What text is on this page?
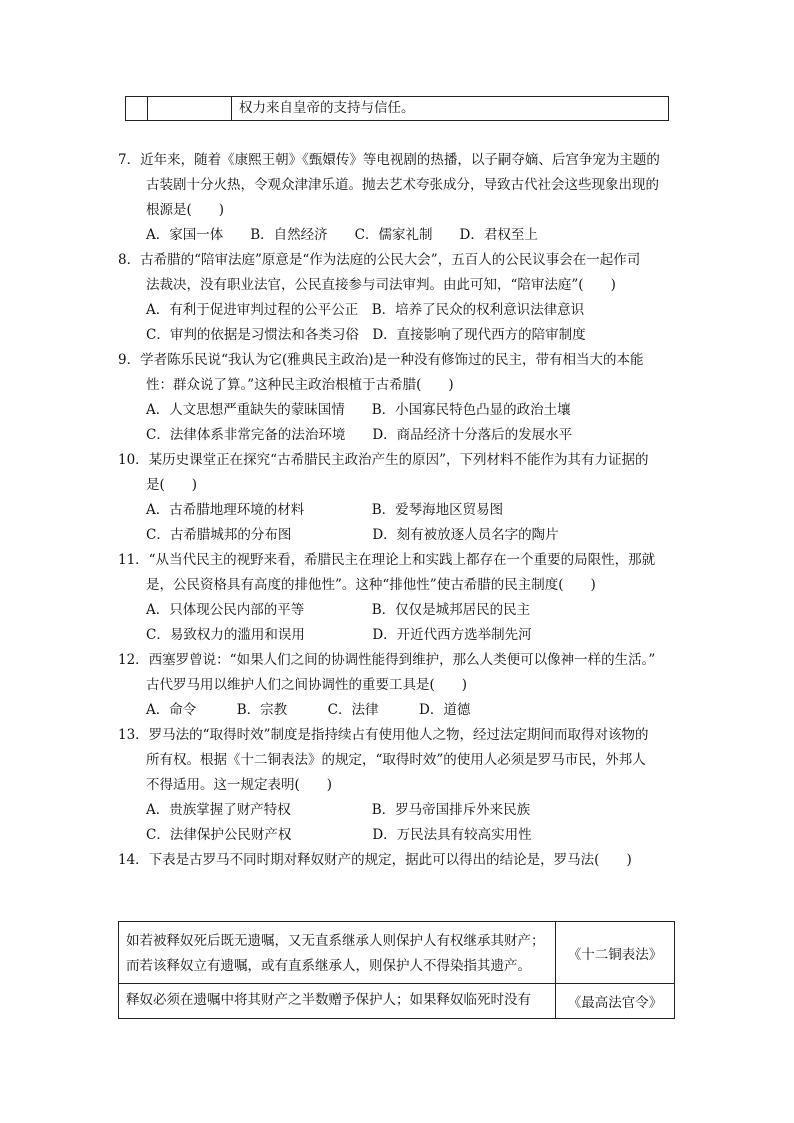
权力来自皇帝的支持与信任。
7．近年来，随着《康熙王朝》《甄嬛传》等电视剧的热播，以子嗣夺嫡、后宫争宠为主题的
古装剧十分火热，令观众津津乐道。抛去艺术夸张成分，导致古代社会这些现象出现的
根源是(　　)
A．家国一体　　B．自然经济　　C．儒家礼制　　D．君权至上
8．古希腊的“陪审法庭”原意是“作为法庭的公民大会”，五百人的公民议事会在一起作司
法裁决，没有职业法官，公民直接参与司法审判。由此可知，“陪审法庭”(　　)
A．有利于促进审判过程的公平公正　B．培养了民众的权利意识法律意识
C．审判的依据是习惯法和各类习俗　D．直接影响了现代西方的陪审制度
9．学者陈乐民说“我认为它(雅典民主政治)是一种没有修饰过的民主，带有相当大的本能
性：群众说了算。”这种民主政治根植于古希腊(　　)
A．人文思想严重缺失的蒙昧国情　　B．小国寡民特色凸显的政治土壤
C．法律体系非常完备的法治环境　　D．商品经济十分落后的发展水平
10．某历史课堂正在探究“古希腊民主政治产生的原因”，下列材料不能作为其有力证据的
是(　　)
A．古希腊地理环境的材料　　　　　B．爱琴海地区贸易图
C．古希腊城邦的分布图　　　　　　D．刻有被放逐人员名字的陶片
11．“从当代民主的视野来看，希腊民主在理论上和实践上都存在一个重要的局限性，那就
是，公民资格具有高度的排他性”。这种“排他性”使古希腊的民主制度(　　)
A．只体现公民内部的平等　　　　　B．仅仅是城邦居民的民主
C．易致权力的滥用和误用　　　　　D．开近代西方选举制先河
12．西塞罗曾说：“如果人们之间的协调性能得到维护，那么人类便可以像神一样的生活。”
古代罗马用以维护人们之间协调性的重要工具是(　　)
A．命令　　　B．宗教　　　C．法律　　　D．道德
13．罗马法的“取得时效”制度是指持续占有使用他人之物，经过法定期间而取得对该物的
所有权。根据《十二铜表法》的规定，“取得时效”的使用人必须是罗马市民，外邦人
不得适用。这一规定表明(　　)
A．贵族掌握了财产特权　　　　　　B．罗马帝国排斥外来民族
C．法律保护公民财产权　　　　　　D．万民法具有较高实用性
14．下表是古罗马不同时期对释奴财产的规定，据此可以得出的结论是，罗马法(　　)
如若被释奴死后既无遗嘱，又无直系继承人则保护人有权继承其财产；
而若该释奴立有遗嘱，或有直系继承人，则保护人不得染指其遗产。
《十二铜表法》
释奴必须在遗嘱中将其财产之半数赠予保护人；如果释奴临死时没有	《最高法官令》
